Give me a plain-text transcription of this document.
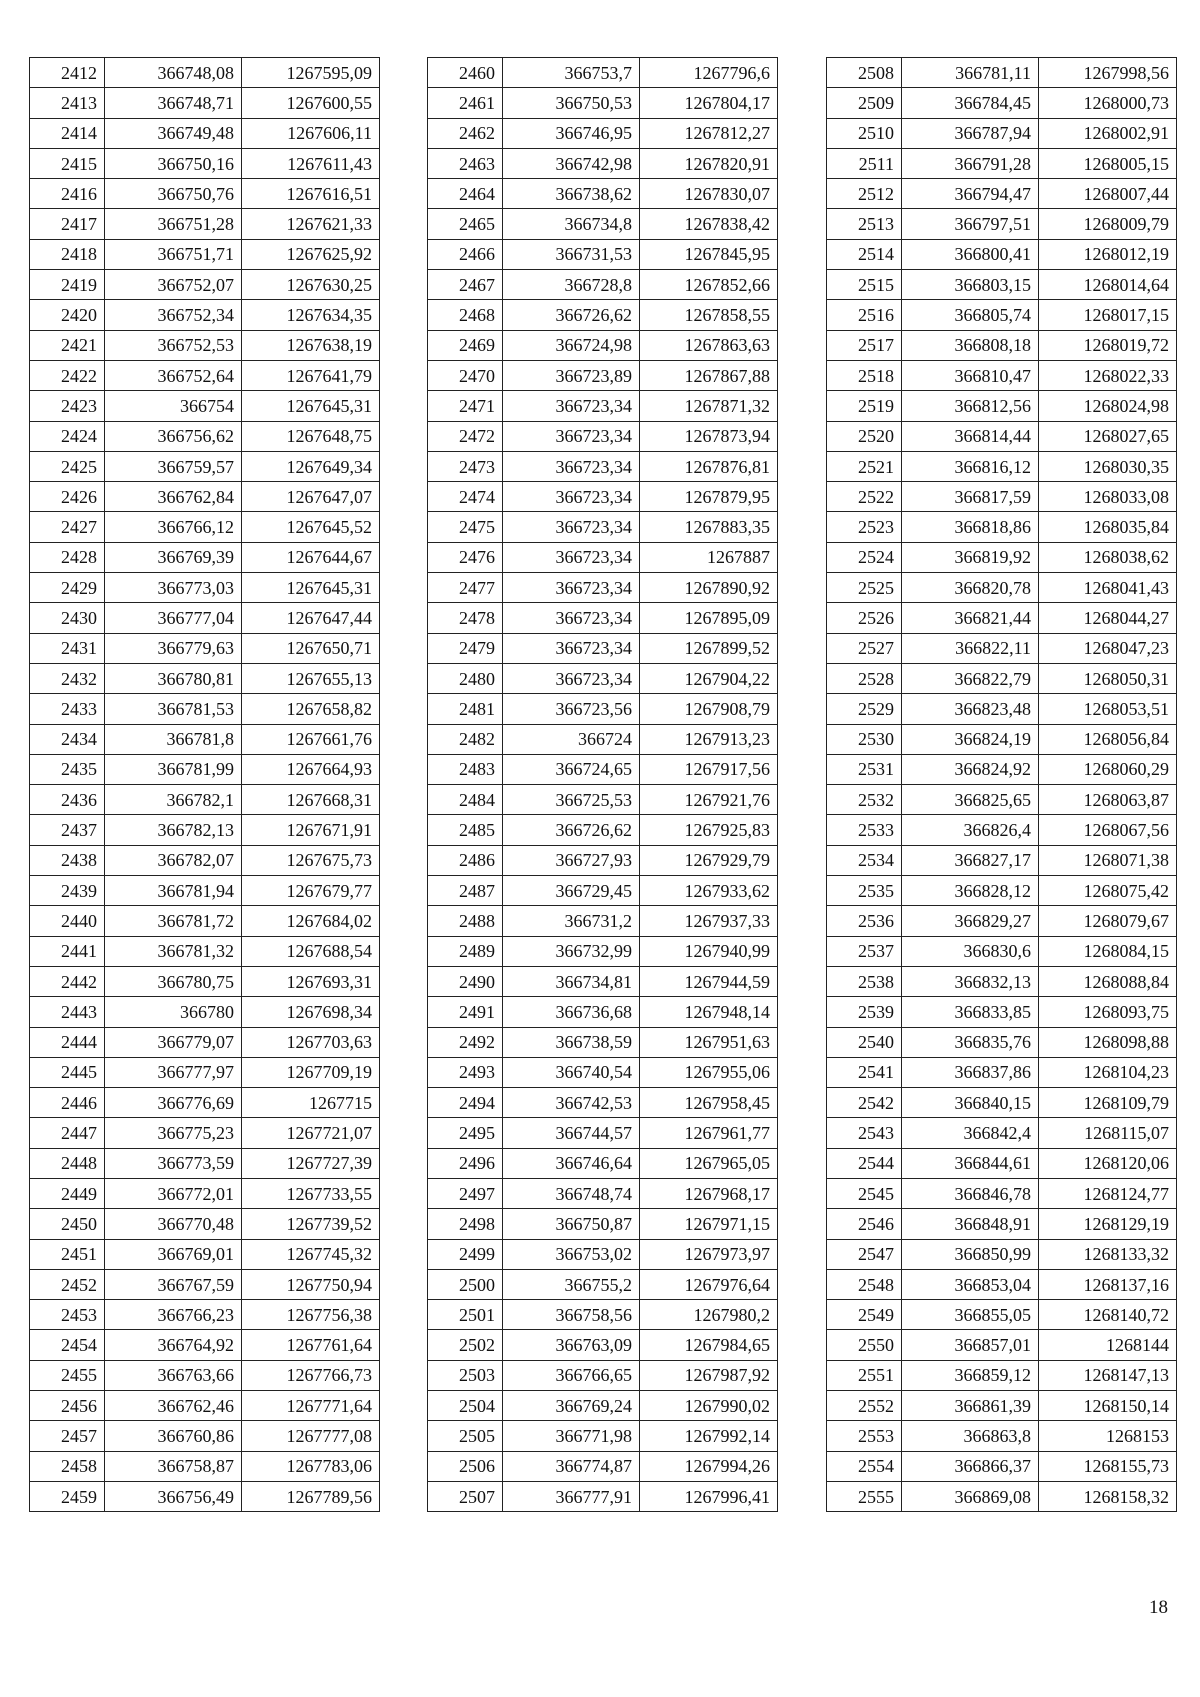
2412	366748,08	1267595,09
2413	366748,71	1267600,55
2414	366749,48	1267606,11
2415	366750,16	1267611,43
2416	366750,76	1267616,51
2417	366751,28	1267621,33
2418	366751,71	1267625,92
2419	366752,07	1267630,25
2420	366752,34	1267634,35
2421	366752,53	1267638,19
2422	366752,64	1267641,79
2423	366754	1267645,31
2424	366756,62	1267648,75
2425	366759,57	1267649,34
2426	366762,84	1267647,07
2427	366766,12	1267645,52
2428	366769,39	1267644,67
2429	366773,03	1267645,31
2430	366777,04	1267647,44
2431	366779,63	1267650,71
2432	366780,81	1267655,13
2433	366781,53	1267658,82
2434	366781,8	1267661,76
2435	366781,99	1267664,93
2436	366782,1	1267668,31
2437	366782,13	1267671,91
2438	366782,07	1267675,73
2439	366781,94	1267679,77
2440	366781,72	1267684,02
2441	366781,32	1267688,54
2442	366780,75	1267693,31
2443	366780	1267698,34
2444	366779,07	1267703,63
2445	366777,97	1267709,19
2446	366776,69	1267715
2447	366775,23	1267721,07
2448	366773,59	1267727,39
2449	366772,01	1267733,55
2450	366770,48	1267739,52
2451	366769,01	1267745,32
2452	366767,59	1267750,94
2453	366766,23	1267756,38
2454	366764,92	1267761,64
2455	366763,66	1267766,73
2456	366762,46	1267771,64
2457	366760,86	1267777,08
2458	366758,87	1267783,06
2459	366756,49	1267789,56
2460	366753,7	1267796,6
2461	366750,53	1267804,17
2462	366746,95	1267812,27
2463	366742,98	1267820,91
2464	366738,62	1267830,07
2465	366734,8	1267838,42
2466	366731,53	1267845,95
2467	366728,8	1267852,66
2468	366726,62	1267858,55
2469	366724,98	1267863,63
2470	366723,89	1267867,88
2471	366723,34	1267871,32
2472	366723,34	1267873,94
2473	366723,34	1267876,81
2474	366723,34	1267879,95
2475	366723,34	1267883,35
2476	366723,34	1267887
2477	366723,34	1267890,92
2478	366723,34	1267895,09
2479	366723,34	1267899,52
2480	366723,34	1267904,22
2481	366723,56	1267908,79
2482	366724	1267913,23
2483	366724,65	1267917,56
2484	366725,53	1267921,76
2485	366726,62	1267925,83
2486	366727,93	1267929,79
2487	366729,45	1267933,62
2488	366731,2	1267937,33
2489	366732,99	1267940,99
2490	366734,81	1267944,59
2491	366736,68	1267948,14
2492	366738,59	1267951,63
2493	366740,54	1267955,06
2494	366742,53	1267958,45
2495	366744,57	1267961,77
2496	366746,64	1267965,05
2497	366748,74	1267968,17
2498	366750,87	1267971,15
2499	366753,02	1267973,97
2500	366755,2	1267976,64
2501	366758,56	1267980,2
2502	366763,09	1267984,65
2503	366766,65	1267987,92
2504	366769,24	1267990,02
2505	366771,98	1267992,14
2506	366774,87	1267994,26
2507	366777,91	1267996,41
2508	366781,11	1267998,56
2509	366784,45	1268000,73
2510	366787,94	1268002,91
2511	366791,28	1268005,15
2512	366794,47	1268007,44
2513	366797,51	1268009,79
2514	366800,41	1268012,19
2515	366803,15	1268014,64
2516	366805,74	1268017,15
2517	366808,18	1268019,72
2518	366810,47	1268022,33
2519	366812,56	1268024,98
2520	366814,44	1268027,65
2521	366816,12	1268030,35
2522	366817,59	1268033,08
2523	366818,86	1268035,84
2524	366819,92	1268038,62
2525	366820,78	1268041,43
2526	366821,44	1268044,27
2527	366822,11	1268047,23
2528	366822,79	1268050,31
2529	366823,48	1268053,51
2530	366824,19	1268056,84
2531	366824,92	1268060,29
2532	366825,65	1268063,87
2533	366826,4	1268067,56
2534	366827,17	1268071,38
2535	366828,12	1268075,42
2536	366829,27	1268079,67
2537	366830,6	1268084,15
2538	366832,13	1268088,84
2539	366833,85	1268093,75
2540	366835,76	1268098,88
2541	366837,86	1268104,23
2542	366840,15	1268109,79
2543	366842,4	1268115,07
2544	366844,61	1268120,06
2545	366846,78	1268124,77
2546	366848,91	1268129,19
2547	366850,99	1268133,32
2548	366853,04	1268137,16
2549	366855,05	1268140,72
2550	366857,01	1268144
2551	366859,12	1268147,13
2552	366861,39	1268150,14
2553	366863,8	1268153
2554	366866,37	1268155,73
2555	366869,08	1268158,32
18
